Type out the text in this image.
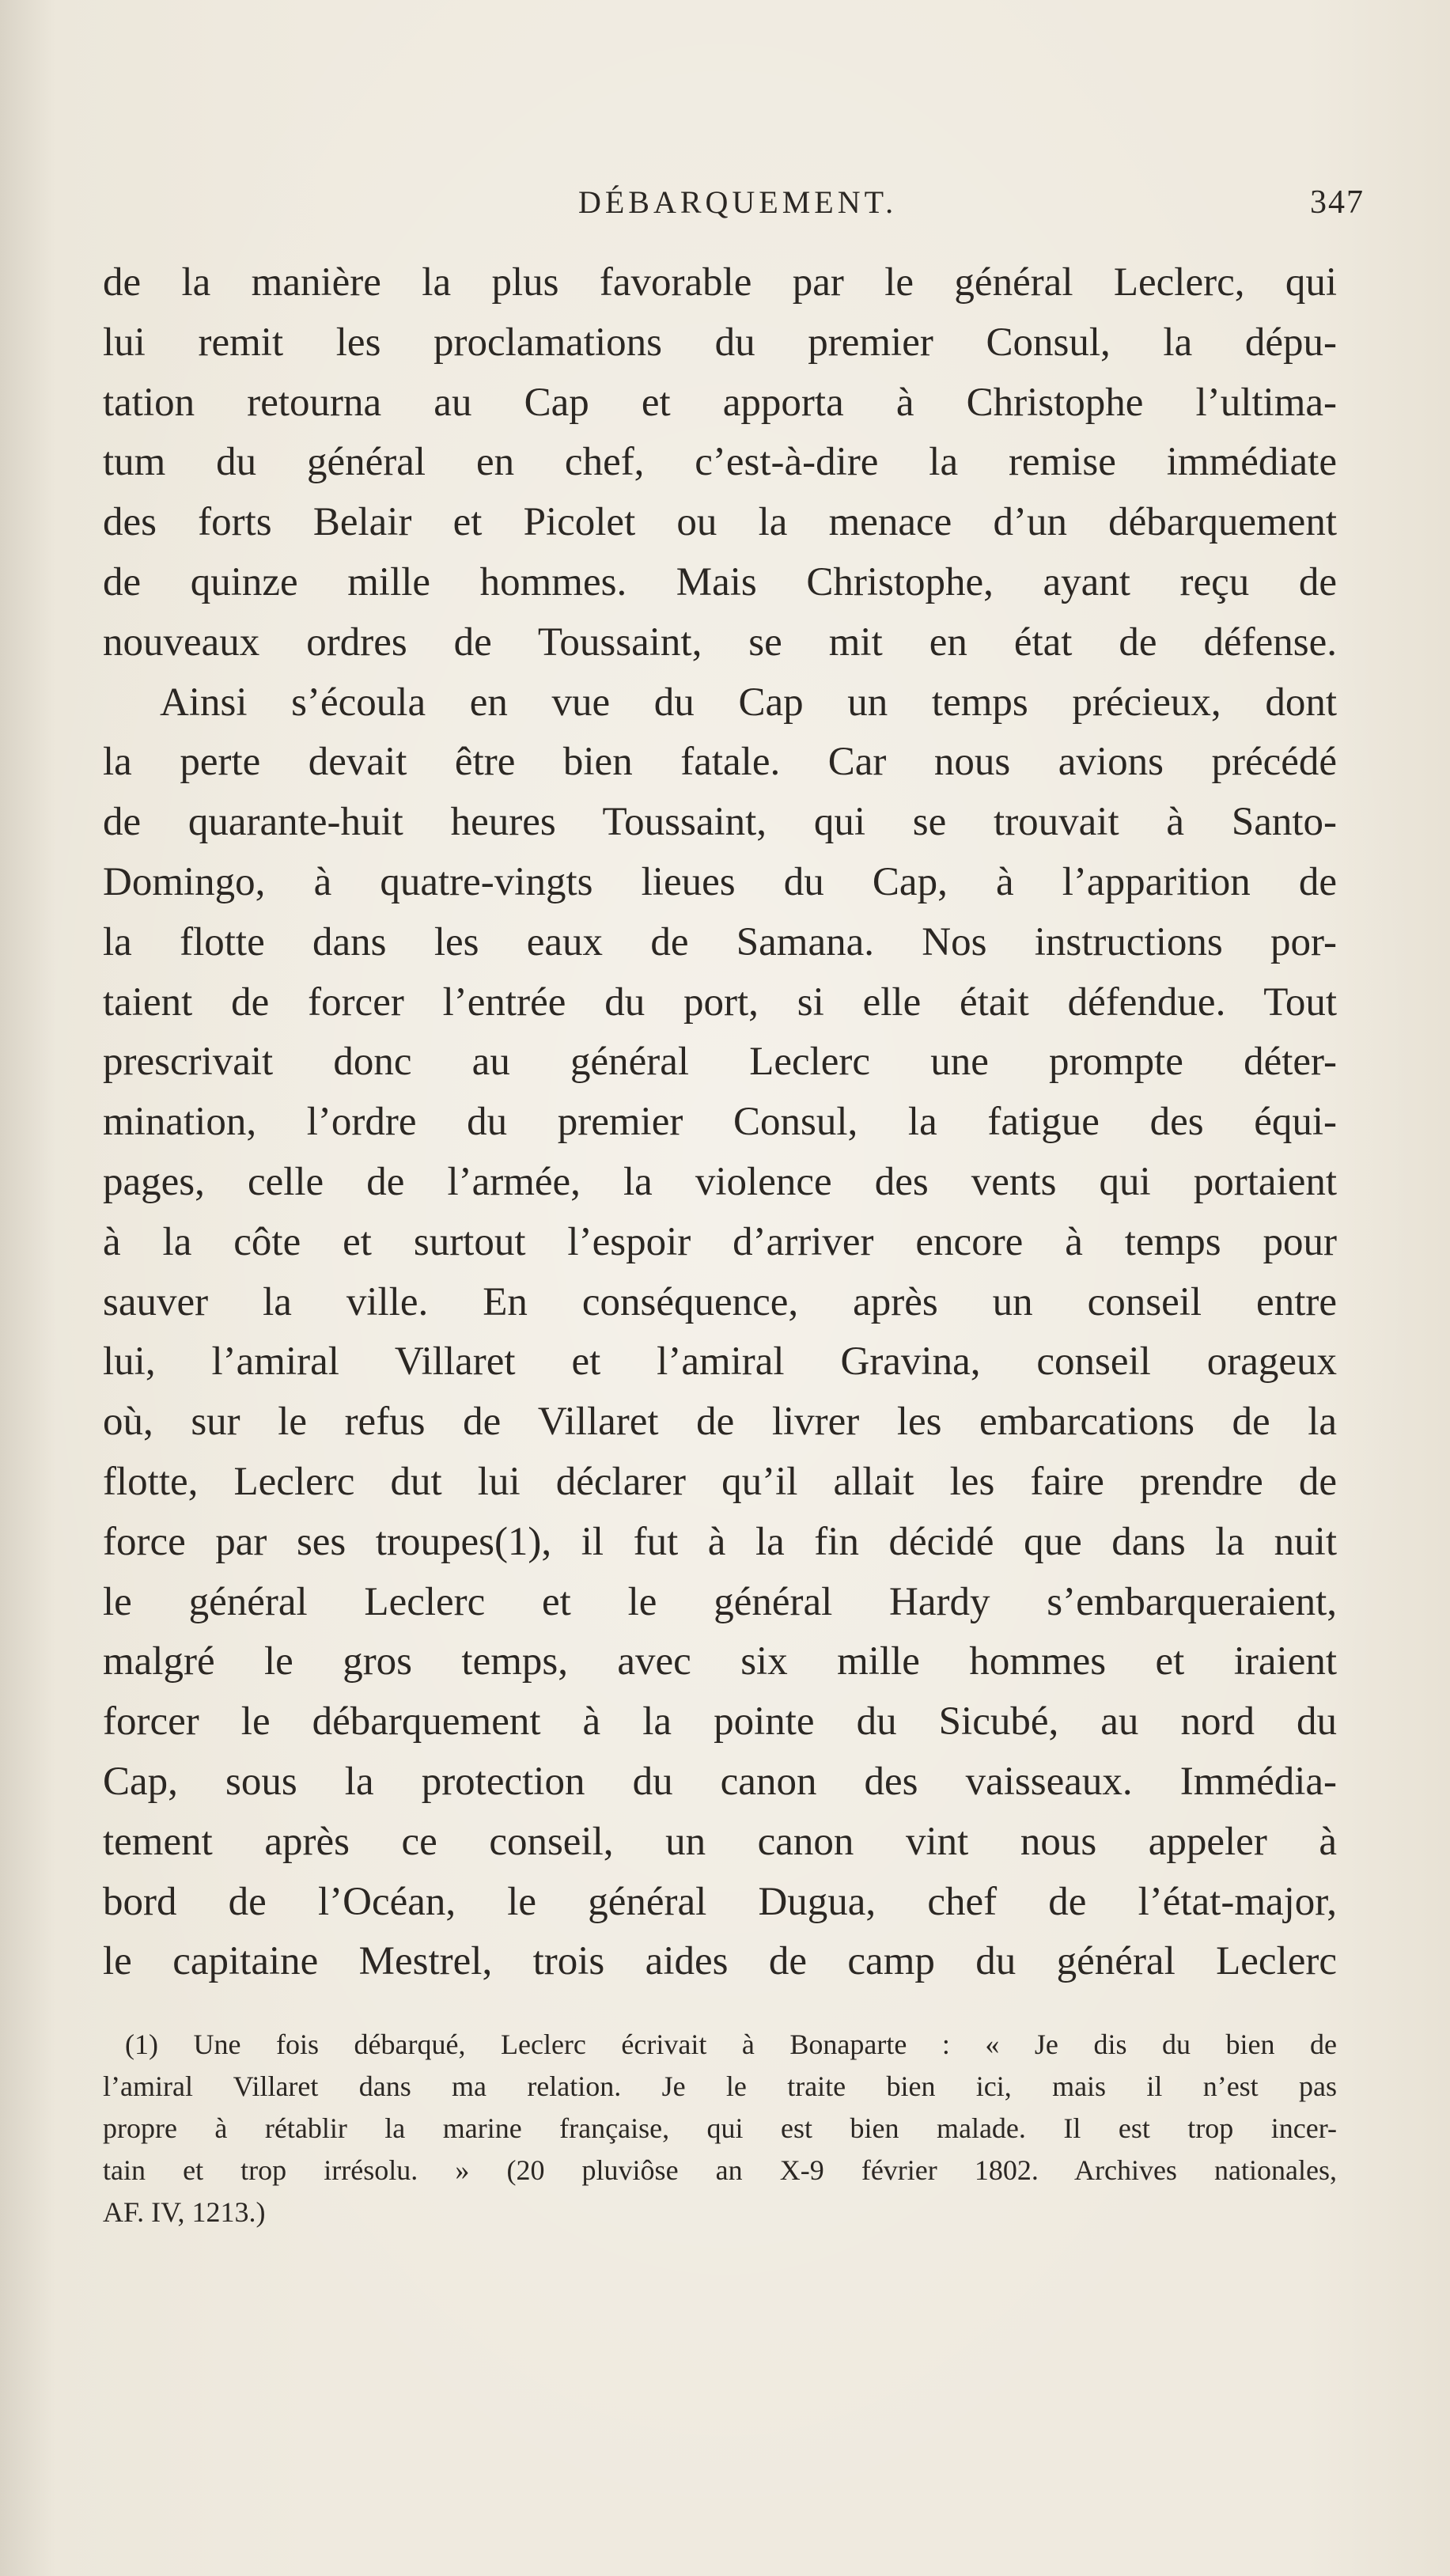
DÉBARQUEMENT.	347
de la manière la plus favorable par le général Leclerc, qui
lui remit les proclamations du premier Consul, la dépu-
tation retourna au Cap et apporta à Christophe l’ultima-
tum du général en chef, c’est-à-dire la remise immédiate
des forts Belair et Picolet ou la menace d’un débarquement
de quinze mille hommes. Mais Christophe, ayant reçu de
nouveaux ordres de Toussaint, se mit en état de défense.
Ainsi s’écoula en vue du Cap un temps précieux, dont
la perte devait être bien fatale. Car nous avions précédé
de quarante-huit heures Toussaint, qui se trouvait à Santo-
Domingo, à quatre-vingts lieues du Cap, à l’apparition de
la flotte dans les eaux de Samana. Nos instructions por-
taient de forcer l’entrée du port, si elle était défendue. Tout
prescrivait donc au général Leclerc une prompte déter-
mination, l’ordre du premier Consul, la fatigue des équi-
pages, celle de l’armée, la violence des vents qui portaient
à la côte et surtout l’espoir d’arriver encore à temps pour
sauver la ville. En conséquence, après un conseil entre
lui, l’amiral Villaret et l’amiral Gravina, conseil orageux
où, sur le refus de Villaret de livrer les embarcations de la
flotte, Leclerc dut lui déclarer qu’il allait les faire prendre de
force par ses troupes(1), il fut à la fin décidé que dans la nuit
le général Leclerc et le général Hardy s’embarqueraient,
malgré le gros temps, avec six mille hommes et iraient
forcer le débarquement à la pointe du Sicubé, au nord du
Cap, sous la protection du canon des vaisseaux. Immédia-
tement après ce conseil, un canon vint nous appeler à
bord de l’Océan, le général Dugua, chef de l’état-major,
le capitaine Mestrel, trois aides de camp du général Leclerc
(1) Une fois débarqué, Leclerc écrivait à Bonaparte : « Je dis du bien de
l’amiral Villaret dans ma relation. Je le traite bien ici, mais il n’est pas
propre à rétablir la marine française, qui est bien malade. Il est trop incer-
tain et trop irrésolu. » (20 pluviôse an X-9 février 1802. Archives nationales,
AF. IV, 1213.)
